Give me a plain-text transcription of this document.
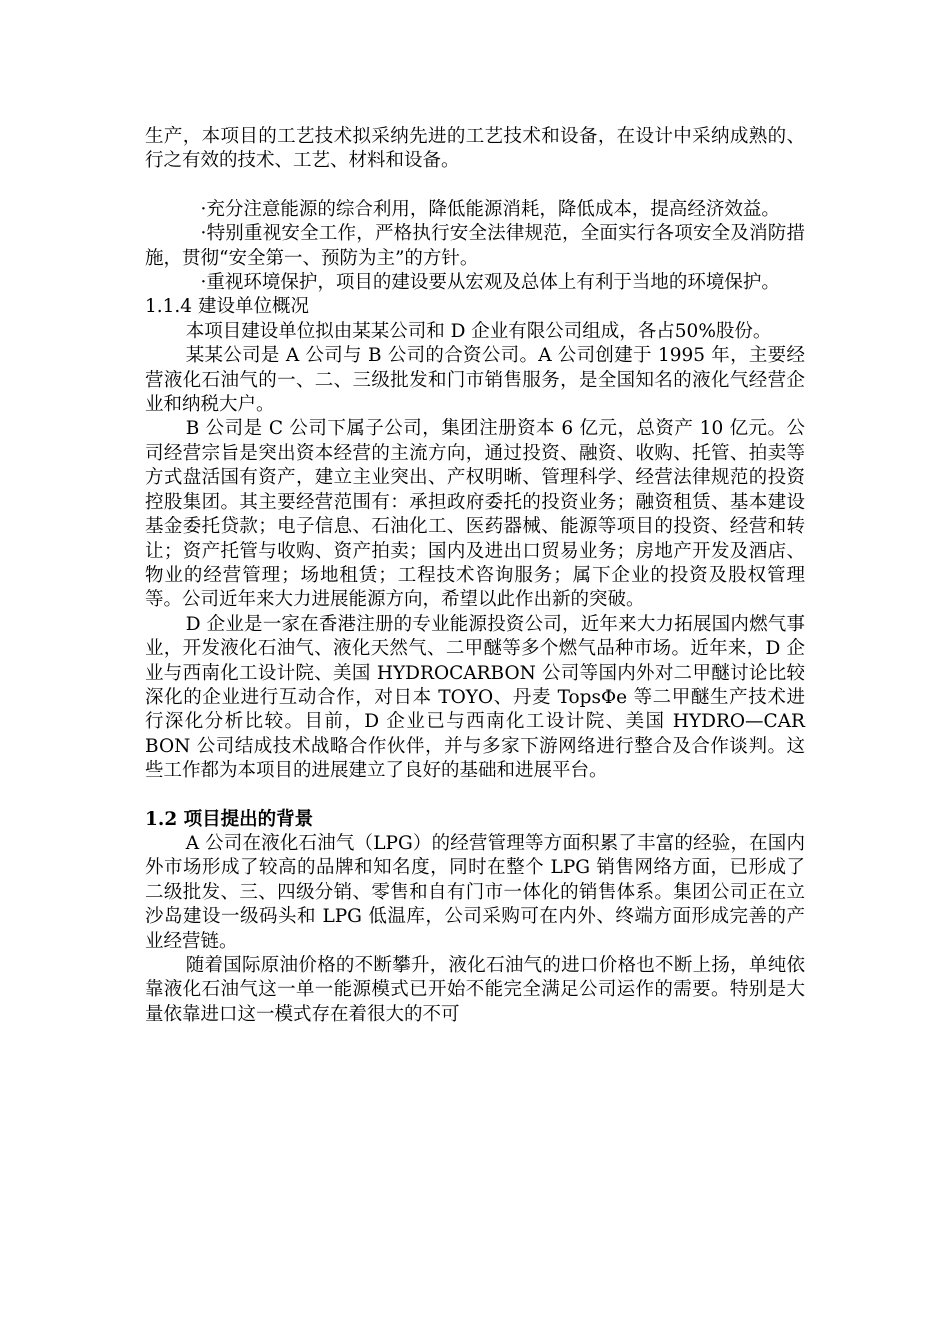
生产，本项目的工艺技术拟采纳先进的工艺技术和设备，在设计中采纳成熟的、行之有效的技术、工艺、材料和设备。

·充分注意能源的综合利用，降低能源消耗，降低成本，提高经济效益。

·特别重视安全工作，严格执行安全法律规范，全面实行各项安全及消防措施，贯彻“安全第一、预防为主”的方针。

·重视环境保护，项目的建设要从宏观及总体上有利于当地的环境保护。

1.1.4 建设单位概况

本项目建设单位拟由某某公司和 D 企业有限公司组成，各占50%股份。

某某公司是 A 公司与 B 公司的合资公司。A 公司创建于 1995 年，主要经营液化石油气的一、二、三级批发和门市销售服务，是全国知名的液化气经营企业和纳税大户。

B 公司是 C 公司下属子公司，集团注册资本 6 亿元，总资产 10 亿元。公司经营宗旨是突出资本经营的主流方向，通过投资、融资、收购、托管、拍卖等方式盘活国有资产，建立主业突出、产权明晰、管理科学、经营法律规范的投资控股集团。其主要经营范围有：承担政府委托的投资业务；融资租赁、基本建设基金委托贷款；电子信息、石油化工、医药器械、能源等项目的投资、经营和转让；资产托管与收购、资产拍卖；国内及进出口贸易业务；房地产开发及酒店、物业的经营管理；场地租赁；工程技术咨询服务；属下企业的投资及股权管理等。公司近年来大力进展能源方向，希望以此作出新的突破。

D 企业是一家在香港注册的专业能源投资公司，近年来大力拓展国内燃气事业，开发液化石油气、液化天然气、二甲醚等多个燃气品种市场。近年来，D 企业与西南化工设计院、美国 HYDROCARBON 公司等国内外对二甲醚讨论比较深化的企业进行互动合作，对日本 TOYO、丹麦 TopsΦe 等二甲醚生产技术进行深化分析比较。目前，D 企业已与西南化工设计院、美国 HYDRO—CAR BON 公司结成技术战略合作伙伴，并与多家下游网络进行整合及合作谈判。这些工作都为本项目的进展建立了良好的基础和进展平台。

1.2 项目提出的背景

A 公司在液化石油气（LPG）的经营管理等方面积累了丰富的经验，在国内外市场形成了较高的品牌和知名度，同时在整个 LPG 销售网络方面，已形成了二级批发、三、四级分销、零售和自有门市一体化的销售体系。集团公司正在立沙岛建设一级码头和 LPG 低温库，公司采购可在内外、终端方面形成完善的产业经营链。

随着国际原油价格的不断攀升，液化石油气的进口价格也不断上扬，单纯依靠液化石油气这一单一能源模式已开始不能完全满足公司运作的需要。特别是大量依靠进口这一模式存在着很大的不可
